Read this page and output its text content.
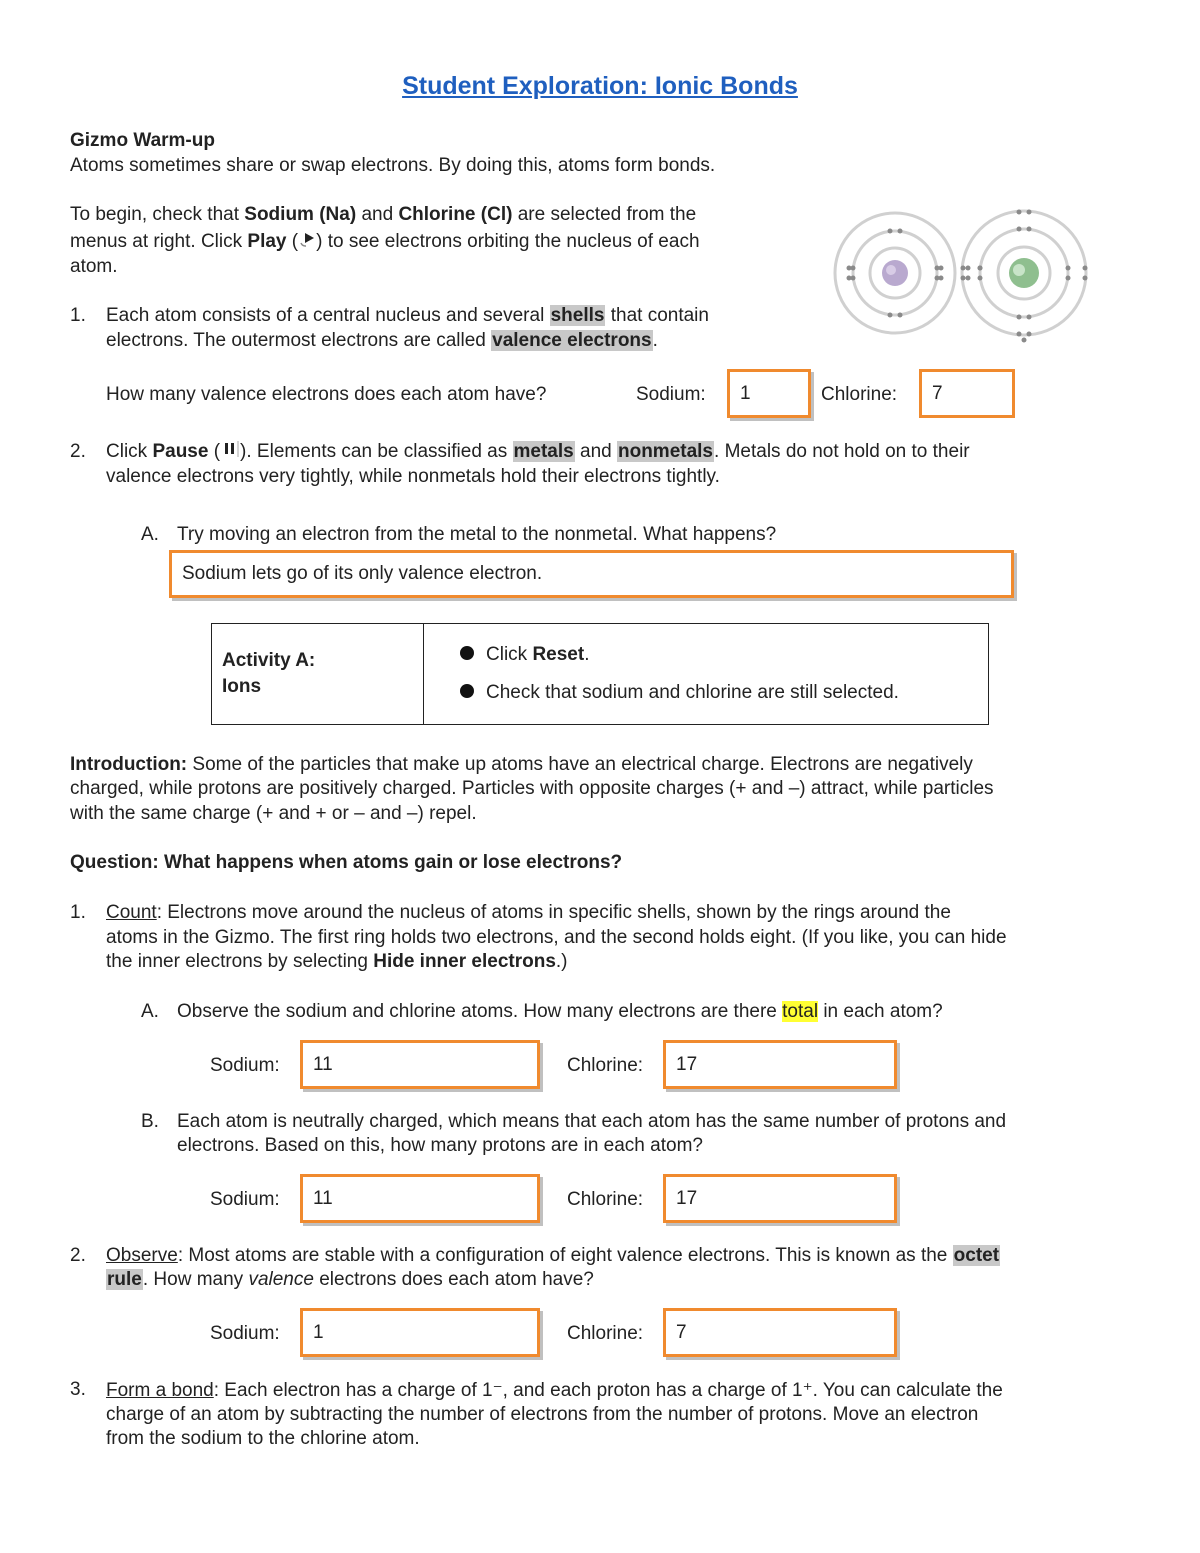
Student Exploration: Ionic Bonds
Gizmo Warm-up
Atoms sometimes share or swap electrons. By doing this, atoms form bonds.
To begin, check that Sodium (Na) and Chlorine (Cl) are selected from the
menus at right. Click Play ( ) to see electrons orbiting the nucleus of each
atom.
1. Each atom consists of a central nucleus and several shells that contain
electrons. The outermost electrons are called valence electrons.
How many valence electrons does each atom have?	Sodium:	1	Chlorine:	7
2. Click Pause ( ). Elements can be classified as metals and nonmetals. Metals do not hold on to their
valence electrons very tightly, while nonmetals hold their electrons tightly.
A. Try moving an electron from the metal to the nonmetal. What happens?
Sodium lets go of its only valence electron.
Activity A:
Ions

Click Reset.
Check that sodium and chlorine are still selected.
Introduction: Some of the particles that make up atoms have an electrical charge. Electrons are negatively
charged, while protons are positively charged. Particles with opposite charges (+ and –) attract, while particles
with the same charge (+ and + or – and –) repel.
Question: What happens when atoms gain or lose electrons?
1. Count: Electrons move around the nucleus of atoms in specific shells, shown by the rings around the
atoms in the Gizmo. The first ring holds two electrons, and the second holds eight. (If you like, you can hide
the inner electrons by selecting Hide inner electrons.)
A. Observe the sodium and chlorine atoms. How many electrons are there total in each atom?
Sodium:	11	Chlorine:	17
B. Each atom is neutrally charged, which means that each atom has the same number of protons and
electrons. Based on this, how many protons are in each atom?
Sodium:	11	Chlorine:	17
2. Observe: Most atoms are stable with a configuration of eight valence electrons. This is known as the octet
rule. How many valence electrons does each atom have?
Sodium:	1	Chlorine:	7
3. Form a bond: Each electron has a charge of 1⁻, and each proton has a charge of 1⁺. You can calculate the
charge of an atom by subtracting the number of electrons from the number of protons. Move an electron
from the sodium to the chlorine atom.
